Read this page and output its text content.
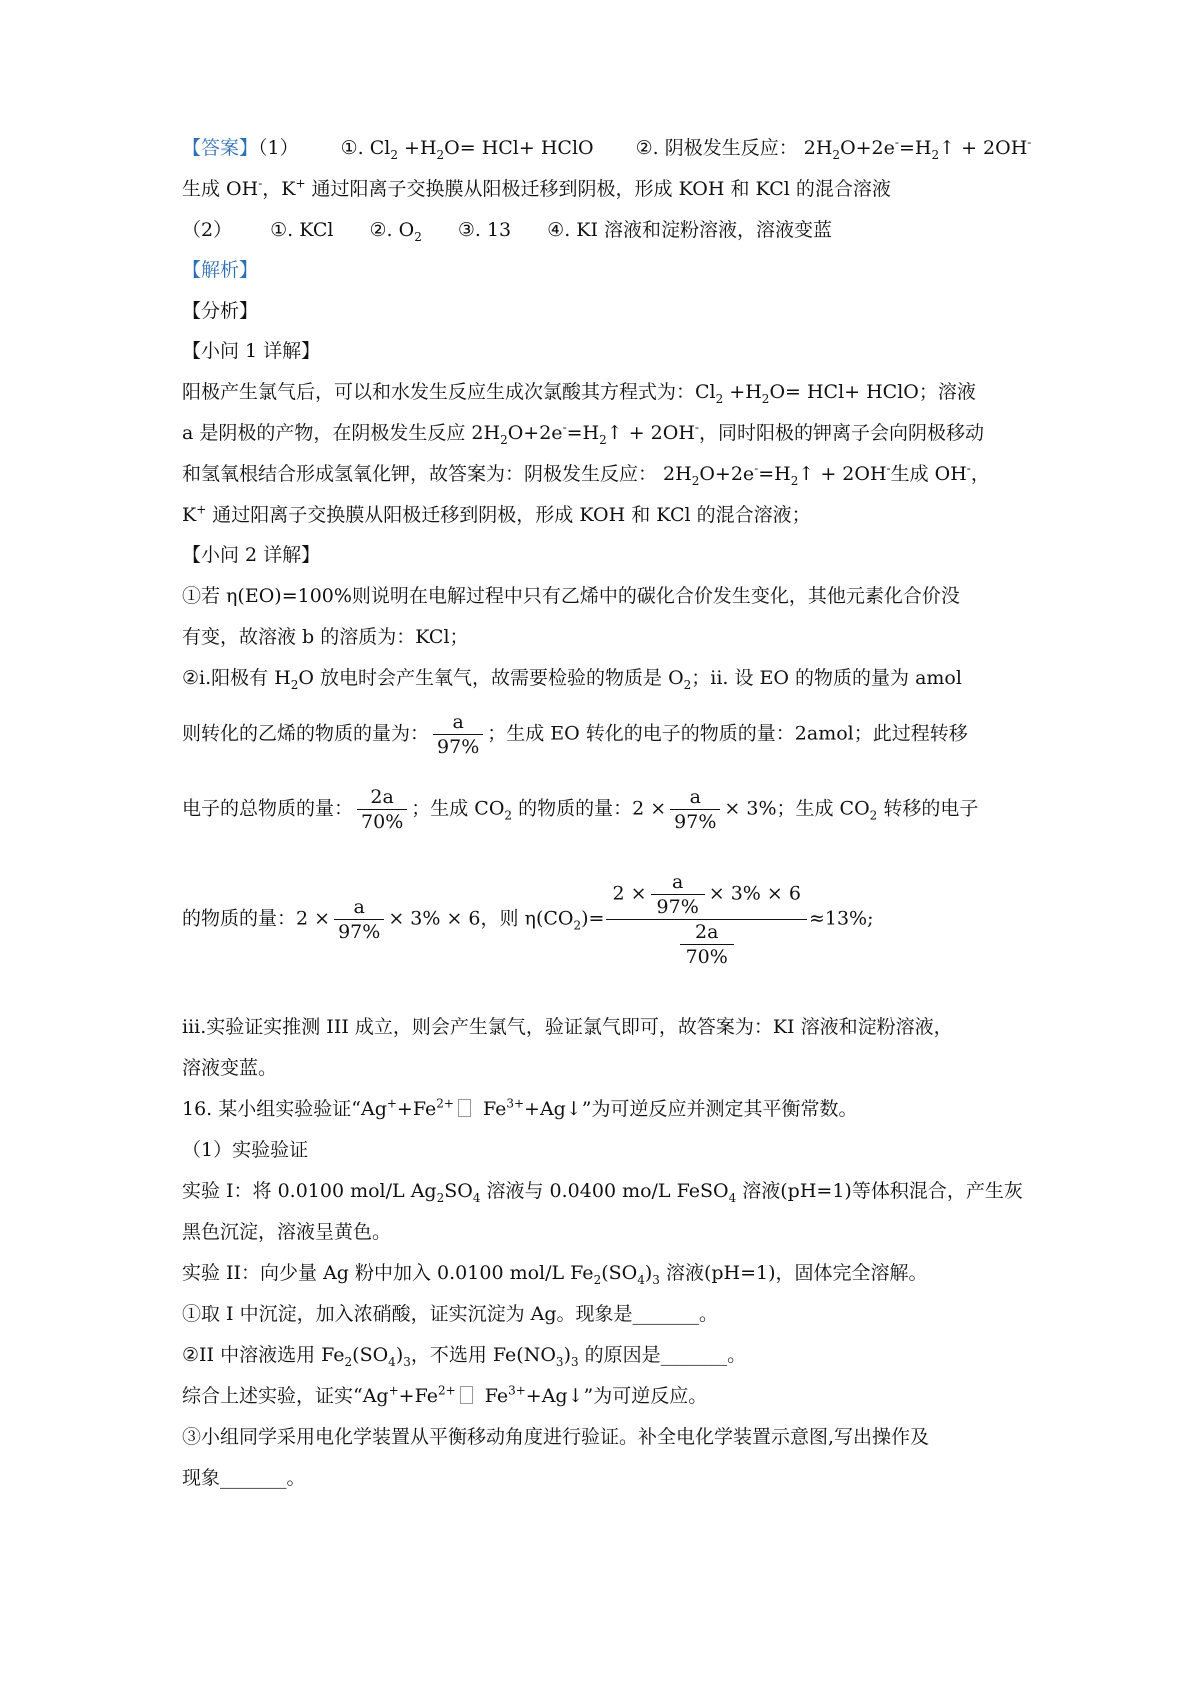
【答案】（1） ①. $Cl_2 +H_2O= HCl+$ HClO ②. 阴极发生反应： $2H_2O+2e^-=H_2↑ + 2OH^-$
生成 OH-，K+ 通过阳离子交换膜从阳极迁移到阴极，形成 KOH 和 KCl 的混合溶液
（2） ①. KCl ②. $O_2$ ③. 13 ④. KI 溶液和淀粉溶液，溶液变蓝
【解析】
【分析】
【小问 1 详解】
阳极产生氯气后，可以和水发生反应生成次氯酸其方程式为：$Cl_2 +H_2O= HCl+$ HClO；溶液
a 是阴极的产物，在阴极发生反应 $2H_2O+2e^-=H_2↑ + 2OH^-$，同时阳极的钾离子会向阴极移动
和氢氧根结合形成氢氧化钾，故答案为：阴极发生反应： $2H_2O+2e^-=H_2↑ + 2OH^-$生成 OH-，
K+ 通过阳离子交换膜从阳极迁移到阴极，形成 KOH 和 KCl 的混合溶液；
【小问 2 详解】
①若 η(EO)=100%则说明在电解过程中只有乙烯中的碳化合价发生变化，其他元素化合价没
有变，故溶液 b 的溶质为：KCl；
②i.阳极有 $H_2O$ 放电时会产生氧气，故需要检验的物质是 $O_2$；ii. 设 EO 的物质的量为 amol
则转化的乙烯的物质的量为： $\frac{a}{97\%}$ ；生成 EO 转化的电子的物质的量：2amol；此过程转移
电子的总物质的量： $\frac{2a}{70\%}$ ；生成 $CO_2$ 的物质的量：$2 \times \frac{a}{97\%} \times 3\%$；生成 $CO_2$ 转移的电子
的物质的量：$2 \times \frac{a}{97\%} \times 3\% \times 6$，则 $\eta(CO_2)= \frac{2 \times \frac{a}{97\%} \times 3\% \times 6}{\frac{2a}{70\%}} \approx 13\%$;
iii.实验证实推测 III 成立，则会产生氯气，验证氯气即可，故答案为：KI 溶液和淀粉溶液，
溶液变蓝。
16. 某小组实验验证“$Ag^++Fe^{2+}$ $Fe^{3+}+Ag↓$”为可逆反应并测定其平衡常数。
（1）实验验证
实验 I：将 0.0100 mol/L $Ag_2SO_4$ 溶液与 0.0400 mo/L FeSO$_4$ 溶液(pH=1)等体积混合，产生灰
黑色沉淀，溶液呈黄色。
实验 II：向少量 Ag 粉中加入 0.0100 mol/L $Fe_2(SO_4)_3$ 溶液(pH=1)，固体完全溶解。
①取 I 中沉淀，加入浓硝酸，证实沉淀为 Ag。现象是_______。
②II 中溶液选用 $Fe_2(SO_4)_3$，不选用 $Fe(NO_3)_3$ 的原因是_______。
综合上述实验，证实“$Ag^++Fe^{2+}$ $Fe^{3+}+Ag↓$”为可逆反应。
③小组同学采用电化学装置从平衡移动角度进行验证。补全电化学装置示意图,写出操作及
现象_______。
